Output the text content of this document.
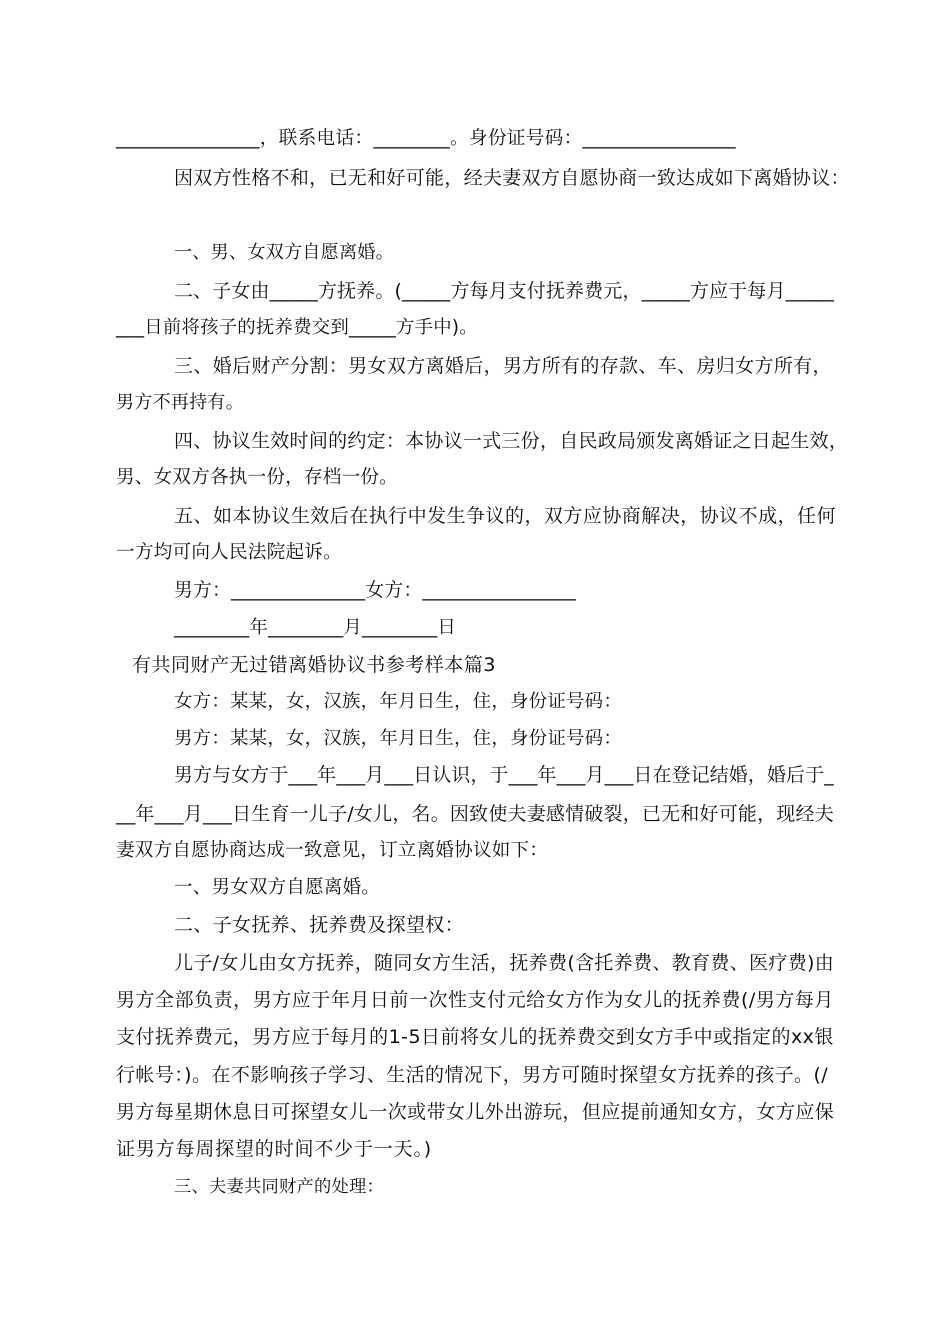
_______________，联系电话：________。身份证号码：________________
因双方性格不和，已无和好可能，经夫妻双方自愿协商一致达成如下离婚协议：
一、男、女双方自愿离婚。
二、子女由_____方抚养。(_____方每月支付抚养费元，_____方应于每月_____
___日前将孩子的抚养费交到_____方手中)。
三、婚后财产分割：男女双方离婚后，男方所有的存款、车、房归女方所有，
男方不再持有。
四、协议生效时间的约定：本协议一式三份，自民政局颁发离婚证之日起生效，
男、女双方各执一份，存档一份。
五、如本协议生效后在执行中发生争议的，双方应协商解决，协议不成，任何
一方均可向人民法院起诉。
男方：______________女方：________________
________年________月________日
有共同财产无过错离婚协议书参考样本篇3
女方：某某，女，汉族，年月日生，住，身份证号码：
男方：某某，女，汉族，年月日生，住，身份证号码：
男方与女方于___年___月___日认识，于___年___月___日在登记结婚，婚后于_
__年___月___日生育一儿子/女儿，名。因致使夫妻感情破裂，已无和好可能，现经夫
妻双方自愿协商达成一致意见，订立离婚协议如下：
一、男女双方自愿离婚。
二、子女抚养、抚养费及探望权：
儿子/女儿由女方抚养，随同女方生活，抚养费(含托养费、教育费、医疗费)由
男方全部负责，男方应于年月日前一次性支付元给女方作为女儿的抚养费(/男方每月
支付抚养费元，男方应于每月的1-5日前将女儿的抚养费交到女方手中或指定的xx银
行帐号：)。在不影响孩子学习、生活的情况下，男方可随时探望女方抚养的孩子。(/
男方每星期休息日可探望女儿一次或带女儿外出游玩，但应提前通知女方，女方应保
证男方每周探望的时间不少于一天。)
三、夫妻共同财产的处理：
